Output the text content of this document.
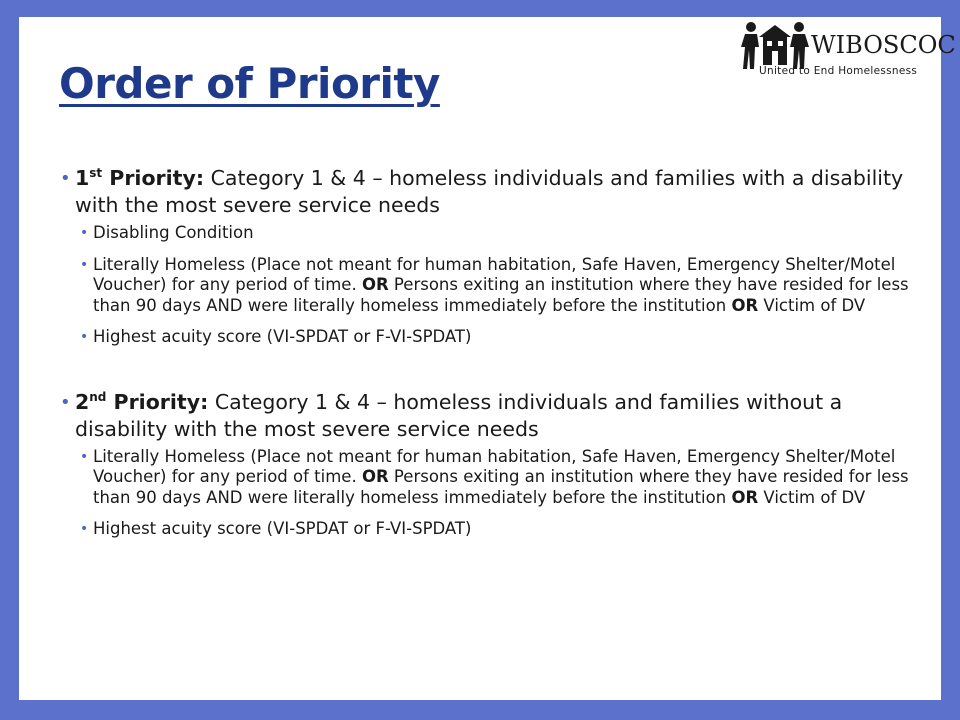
WIBOSCOC
United to End Homelessness
Order of Priority

• 1st Priority: Category 1 & 4 – homeless individuals and families with a disability with the most severe service needs

• Disabling Condition
• Literally Homeless (Place not meant for human habitation, Safe Haven, Emergency Shelter/Motel Voucher) for any period of time. OR Persons exiting an institution where they have resided for less than 90 days AND were literally homeless immediately before the institution OR Victim of DV
• Highest acuity score (VI-SPDAT or F-VI-SPDAT)

• 2nd Priority: Category 1 & 4 – homeless individuals and families without a disability with the most severe service needs

• Literally Homeless (Place not meant for human habitation, Safe Haven, Emergency Shelter/Motel Voucher) for any period of time. OR Persons exiting an institution where they have resided for less than 90 days AND were literally homeless immediately before the institution OR Victim of DV
• Highest acuity score (VI-SPDAT or F-VI-SPDAT)
